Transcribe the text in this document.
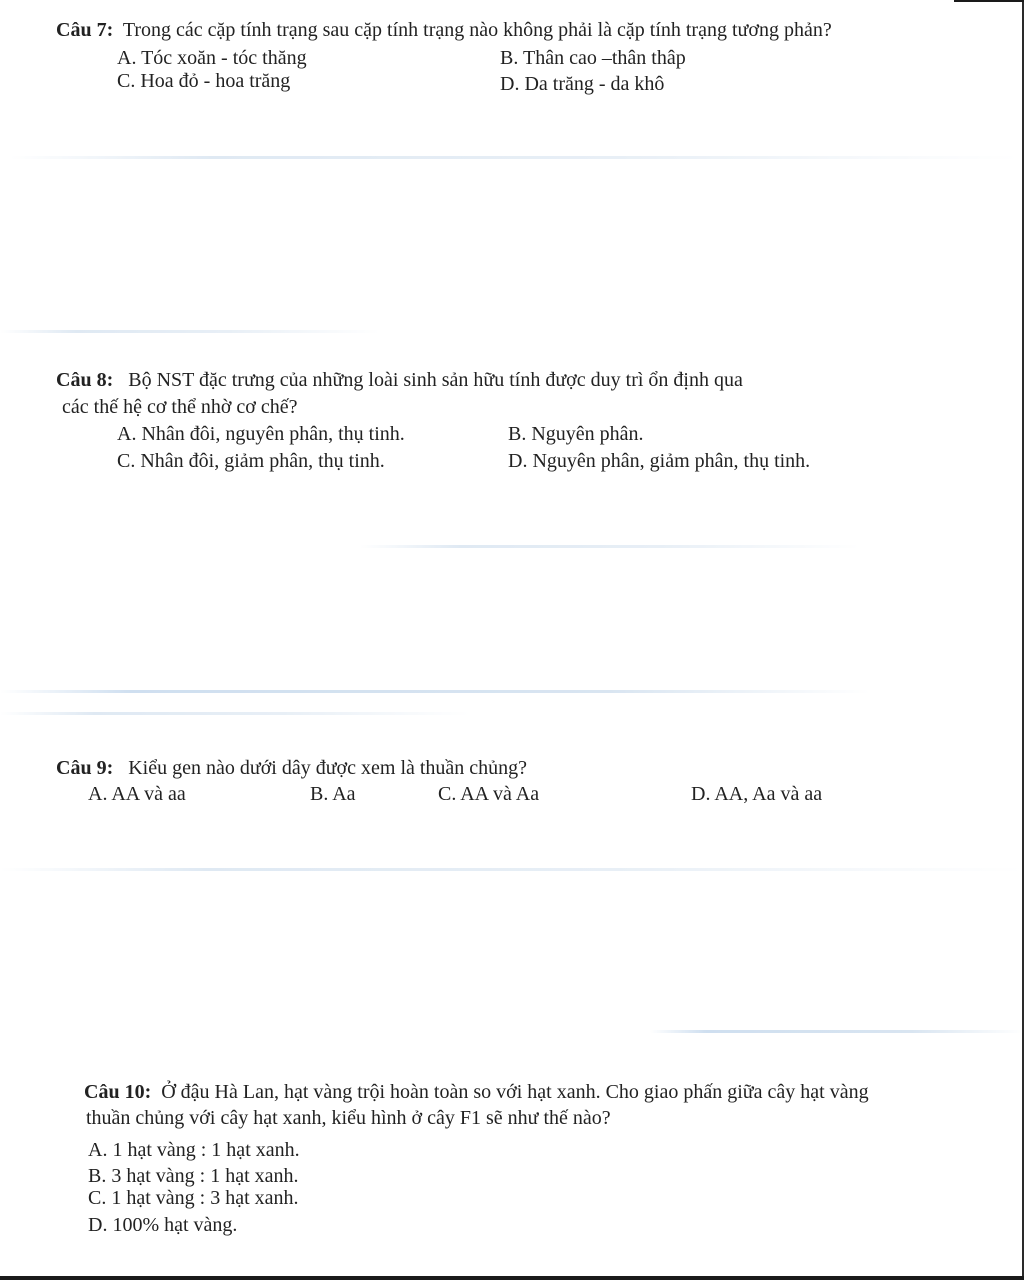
Câu 7: Trong các cặp tính trạng sau cặp tính trạng nào không phải là cặp tính trạng tương phản?
A. Tóc xoăn - tóc thăng	B. Thân cao –thân thâp
C. Hoa đỏ - hoa trăng	D. Da trăng - da khô
Câu 8: Bộ NST đặc trưng của những loài sinh sản hữu tính được duy trì ổn định qua
các thế hệ cơ thể nhờ cơ chế?
A. Nhân đôi, nguyên phân, thụ tinh.	B. Nguyên phân.
C. Nhân đôi, giảm phân, thụ tinh.	D. Nguyên phân, giảm phân, thụ tinh.
Câu 9: Kiểu gen nào dưới dây được xem là thuần chủng?
A. AA và aa	B. Aa	C. AA và Aa	D. AA, Aa và aa
Câu 10: Ở đậu Hà Lan, hạt vàng trội hoàn toàn so với hạt xanh. Cho giao phấn giữa cây hạt vàng
thuần chủng với cây hạt xanh, kiểu hình ở cây F1 sẽ như thế nào?
A. 1 hạt vàng : 1 hạt xanh.
B. 3 hạt vàng : 1 hạt xanh.
C. 1 hạt vàng : 3 hạt xanh.
D. 100% hạt vàng.
